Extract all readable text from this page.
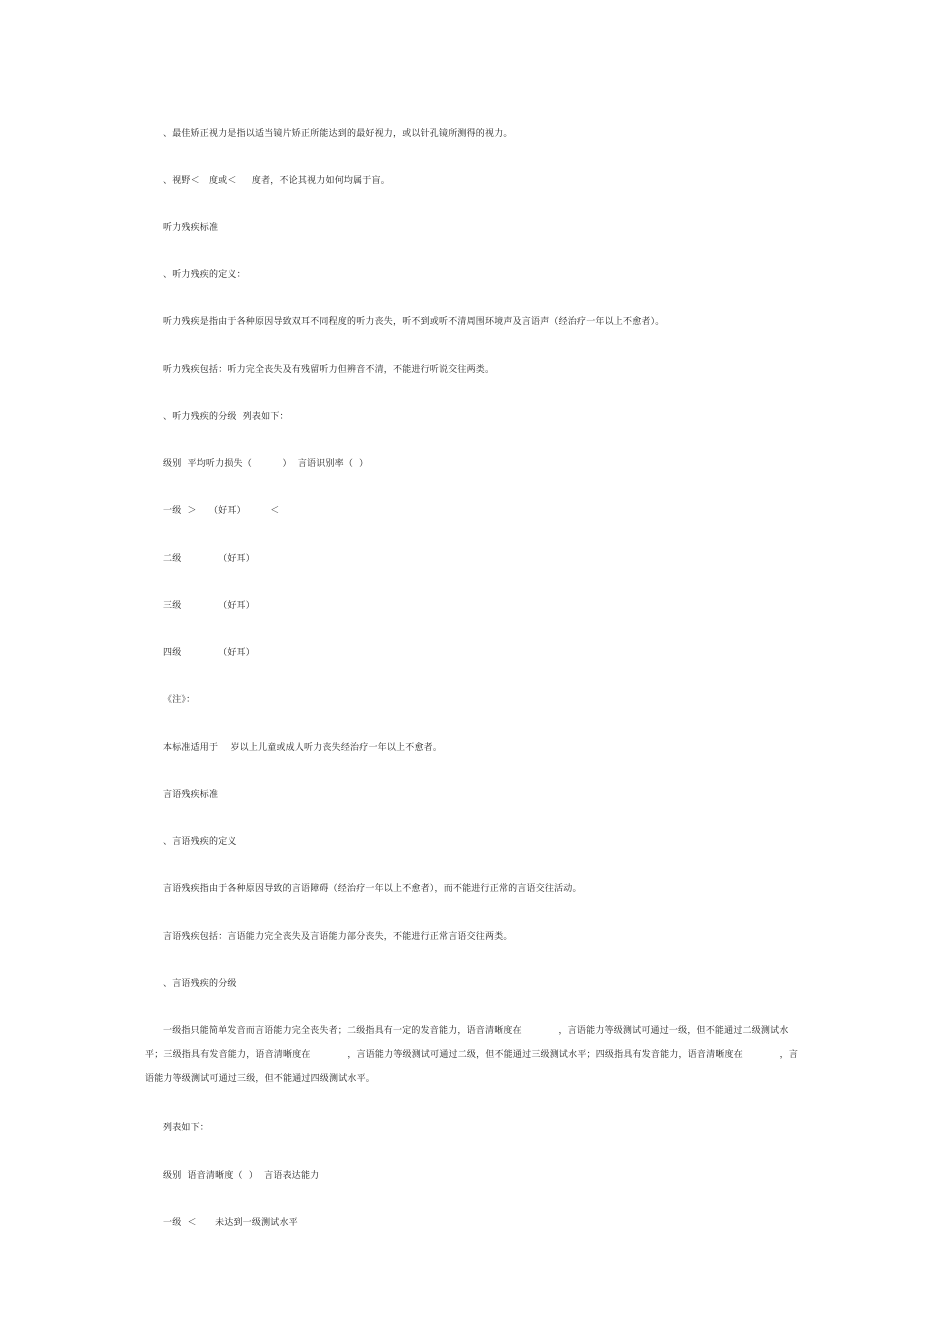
、最佳矫正视力是指以适当镜片矫正所能达到的最好视力，或以针孔镜所测得的视力。
、视野＜   度或＜     度者，不论其视力如何均属于盲。
听力残疾标准
、听力残疾的定义：
听力残疾是指由于各种原因导致双耳不同程度的听力丧失，听不到或听不清周围环境声及言语声（经治疗一年以上不愈者）。
听力残疾包括：听力完全丧失及有残留听力但辨音不清，不能进行听说交往两类。
、听力残疾的分级  列表如下：
级别  平均听力损失（          ）  言语识别率（  ）
一级  ＞    （好耳）        ＜
二级            （好耳）
三级            （好耳）
四级            （好耳）
《注》：
本标准适用于    岁以上儿童或成人听力丧失经治疗一年以上不愈者。
言语残疾标准
、言语残疾的定义
言语残疾指由于各种原因导致的言语障碍（经治疗一年以上不愈者），而不能进行正常的言语交往活动。
言语残疾包括：言语能力完全丧失及言语能力部分丧失，不能进行正常言语交往两类。
、言语残疾的分级
一级指只能简单发音而言语能力完全丧失者；二级指具有一定的发音能力，语音清晰度在            ，言语能力等级测试可通过一级，但不能通过二级测试水
平；三级指具有发音能力，语音清晰度在            ，言语能力等级测试可通过二级，但不能通过三级测试水平；四级指具有发音能力，语音清晰度在            ，言
语能力等级测试可通过三级，但不能通过四级测试水平。
列表如下：
级别  语音清晰度（  ）  言语表达能力
一级  ＜      未达到一级测试水平
